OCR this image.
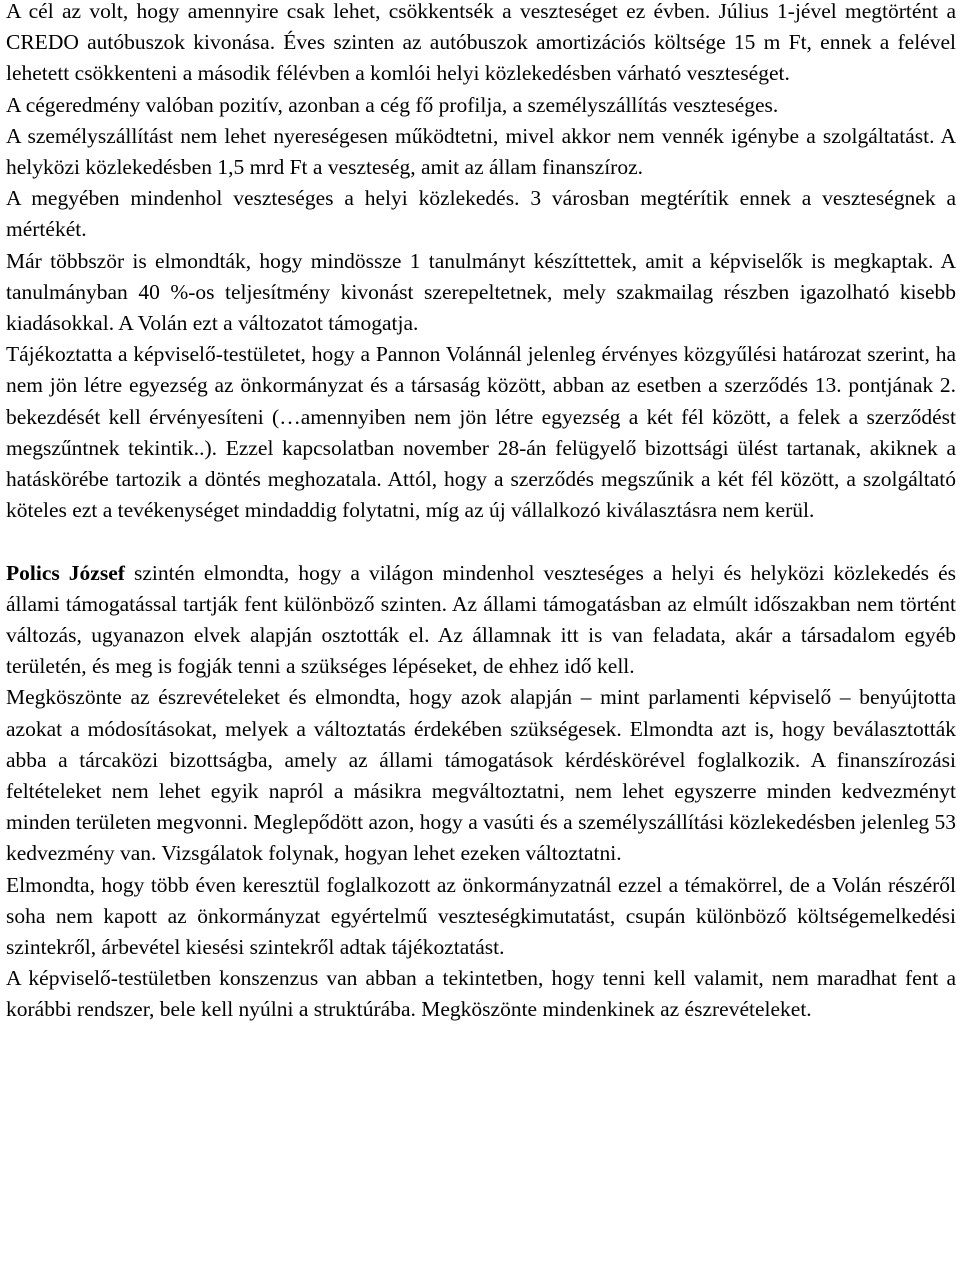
A cél az volt, hogy amennyire csak lehet, csökkentsék a veszteséget ez évben. Július 1-jével megtörtént a CREDO autóbuszok kivonása. Éves szinten az autóbuszok amortizációs költsége 15 m Ft, ennek a felével lehetett csökkenteni a második félévben a komlói helyi közlekedésben várható veszteséget.

A cégeredmény valóban pozitív, azonban a cég fő profilja, a személyszállítás veszteséges.

A személyszállítást nem lehet nyereségesen működtetni, mivel akkor nem vennék igénybe a szolgáltatást. A helyközi közlekedésben 1,5 mrd Ft a veszteség, amit az állam finanszíroz.

A megyében mindenhol veszteséges a helyi közlekedés. 3 városban megtérítik ennek a veszteségnek a mértékét.

Már többször is elmondták, hogy mindössze 1 tanulmányt készíttettek, amit a képviselők is megkaptak. A tanulmányban 40 %-os teljesítmény kivonást szerepeltetnek, mely szakmailag részben igazolható kisebb kiadásokkal. A Volán ezt a változatot támogatja.

Tájékoztatta a képviselő-testületet, hogy a Pannon Volánnál jelenleg érvényes közgyűlési határozat szerint, ha nem jön létre egyezség az önkormányzat és a társaság között, abban az esetben a szerződés 13. pontjának 2. bekezdését kell érvényesíteni (…amennyiben nem jön létre egyezség a két fél között, a felek a szerződést megszűntnek tekintik..). Ezzel kapcsolatban november 28-án felügyelő bizottsági ülést tartanak, akiknek a hatáskörébe tartozik a döntés meghozatala. Attól, hogy a szerződés megszűnik a két fél között, a szolgáltató köteles ezt a tevékenységet mindaddig folytatni, míg az új vállalkozó kiválasztásra nem kerül.

Polics József szintén elmondta, hogy a világon mindenhol veszteséges a helyi és helyközi közlekedés és állami támogatással tartják fent különböző szinten. Az állami támogatásban az elmúlt időszakban nem történt változás, ugyanazon elvek alapján osztották el. Az államnak itt is van feladata, akár a társadalom egyéb területén, és meg is fogják tenni a szükséges lépéseket, de ehhez idő kell.

Megköszönte az észrevételeket és elmondta, hogy azok alapján – mint parlamenti képviselő – benyújtotta azokat a módosításokat, melyek a változtatás érdekében szükségesek. Elmondta azt is, hogy beválasztották abba a tárcaközi bizottságba, amely az állami támogatások kérdéskörével foglalkozik. A finanszírozási feltételeket nem lehet egyik napról a másikra megváltoztatni, nem lehet egyszerre minden kedvezményt minden területen megvonni. Meglepődött azon, hogy a vasúti és a személyszállítási közlekedésben jelenleg 53 kedvezmény van. Vizsgálatok folynak, hogyan lehet ezeken változtatni.

Elmondta, hogy több éven keresztül foglalkozott az önkormányzatnál ezzel a témakörrel, de a Volán részéről soha nem kapott az önkormányzat egyértelmű veszteségkimutatást, csupán különböző költségemelkedési szintekről, árbevétel kiesési szintekről adtak tájékoztatást.

A képviselő-testületben konszenzus van abban a tekintetben, hogy tenni kell valamit, nem maradhat fent a korábbi rendszer, bele kell nyúlni a struktúrába. Megköszönte mindenkinek az észrevételeket.
